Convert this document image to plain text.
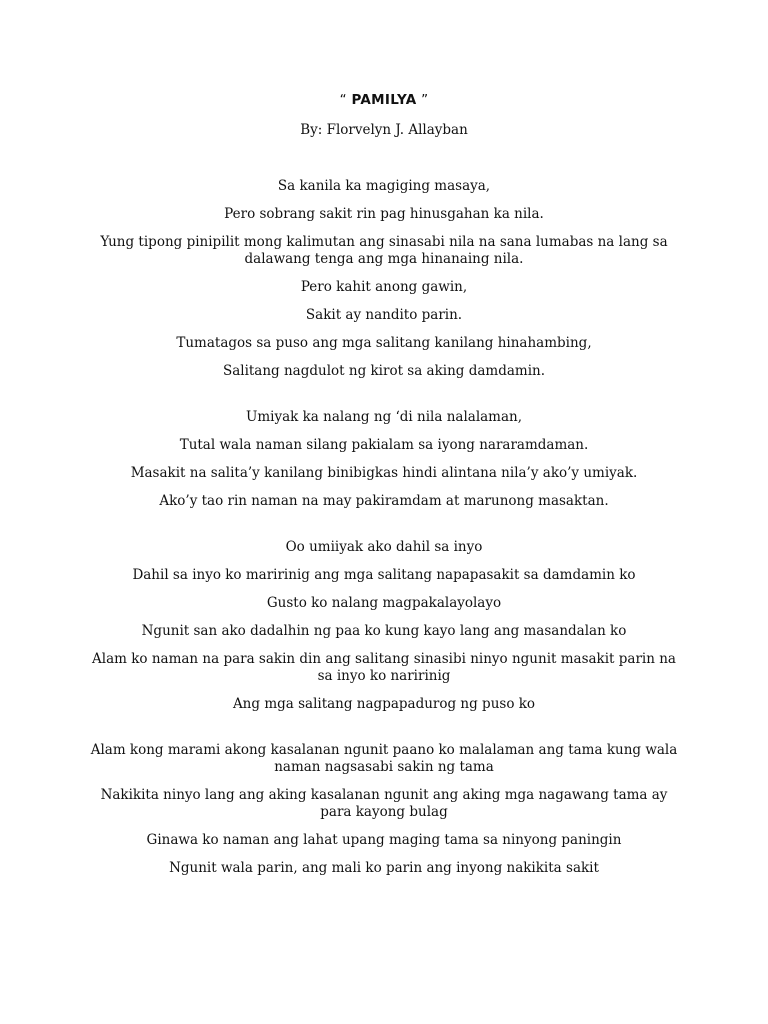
“ PAMILYA ”
By: Florvelyn J. Allayban

Sa kanila ka magiging masaya,

Pero sobrang sakit rin pag hinusgahan ka nila.

Yung tipong pinipilit mong kalimutan ang sinasabi nila na sana lumabas na lang sa dalawang tenga ang mga hinanaing nila.

Pero kahit anong gawin,

Sakit ay nandito parin.

Tumatagos sa puso ang mga salitang kanilang hinahambing,

Salitang nagdulot ng kirot sa aking damdamin.

Umiyak ka nalang ng ‘di nila nalalaman,

Tutal wala naman silang pakialam sa iyong nararamdaman.

Masakit na salita’y kanilang binibigkas hindi alintana nila’y ako’y umiyak.

Ako’y tao rin naman na may pakiramdam at marunong masaktan.

Oo umiiyak ako dahil sa inyo

Dahil sa inyo ko maririnig ang mga salitang napapasakit sa damdamin ko

Gusto ko nalang magpakalayolayo

Ngunit san ako dadalhin ng paa ko kung kayo lang ang masandalan ko

Alam ko naman na para sakin din ang salitang sinasibi ninyo ngunit masakit parin na sa inyo ko naririnig

Ang mga salitang nagpapadurog ng puso ko

Alam kong marami akong kasalanan ngunit paano ko malalaman ang tama kung wala naman nagsasabi sakin ng tama

Nakikita ninyo lang ang aking kasalanan ngunit ang aking mga nagawang tama ay para kayong bulag

Ginawa ko naman ang lahat upang maging tama sa ninyong paningin

Ngunit wala parin, ang mali ko parin ang inyong nakikita sakit
